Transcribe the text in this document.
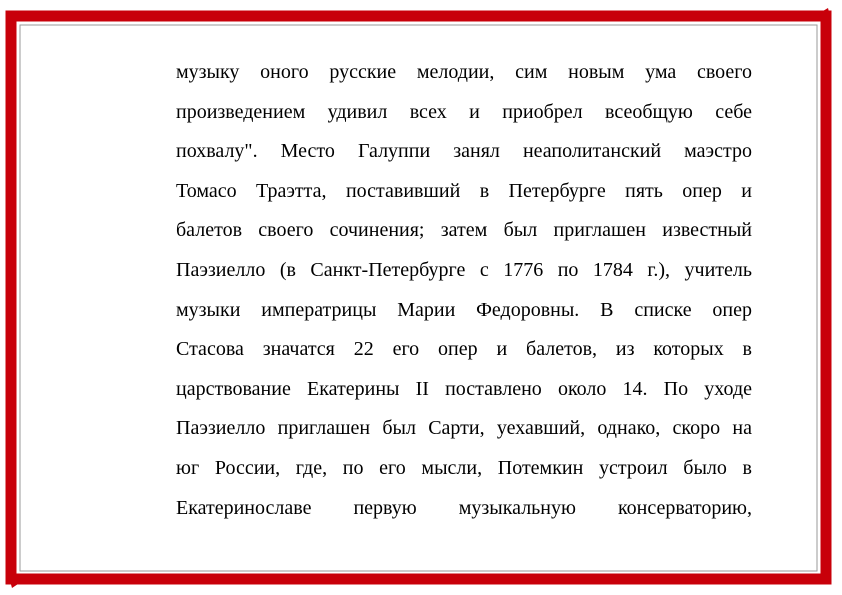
музыку оного русские мелодии, сим новым ума своего
произведением удивил всех и приобрел всеобщую себе
похвалу". Место Галуппи занял неаполитанский маэстро
Томасо Траэтта, поставивший в Петербурге пять опер и
балетов своего сочинения; затем был приглашен известный
Паэзиелло (в Санкт-Петербурге с 1776 по 1784 г.), учитель
музыки императрицы Марии Федоровны. В списке опер
Стасова значатся 22 его опер и балетов, из которых в
царствование Екатерины II поставлено около 14. По уходе
Паэзиелло приглашен был Сарти, уехавший, однако, скоро на
юг России, где, по его мысли, Потемкин устроил было в
Екатеринославе первую музыкальную консерваторию,
